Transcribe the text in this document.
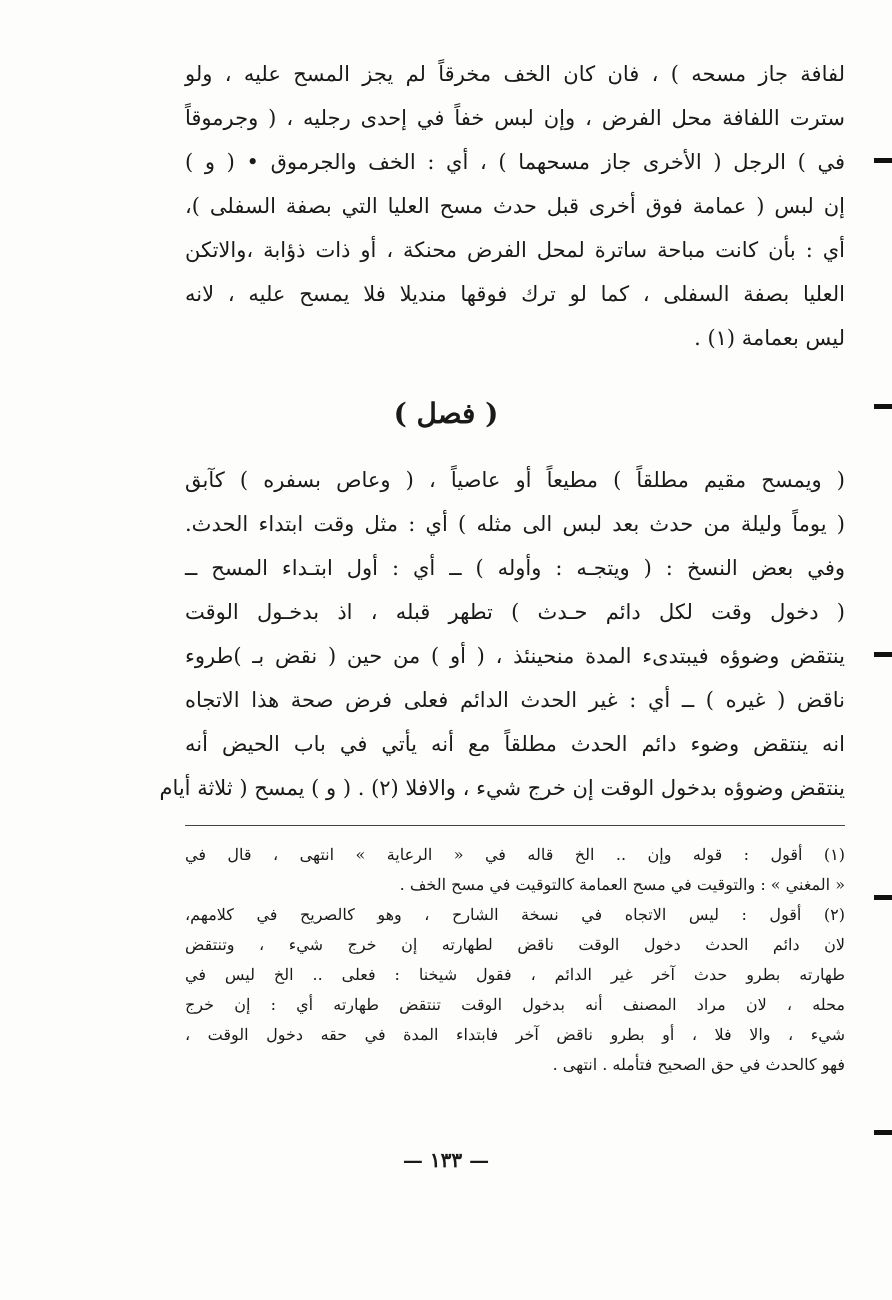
لفافة جاز مسحه ) ، فان كان الخف مخرقاً لم يجز المسح عليه ، ولو
سترت اللفافة محل الفرض ، وإن لبس خفاً في إحدى رجليه ، ( وجرموقاً
في ) الرجل ( الأخرى جاز مسحهما ) ، أي : الخف والجرموق • ( و )
إن لبس ( عمامة فوق أخرى قبل حدث مسح العليا التي بصفة السفلى )،
أي : بأن كانت مباحة ساترة لمحل الفرض محنكة ، أو ذات ذؤابة ،والاتكن
العليا بصفة السفلى ، كما لو ترك فوقها منديلا فلا يمسح عليه ، لانه
ليس بعمامة (١) .
( فصل )
( ويمسح مقيم مطلقاً ) مطيعاً أو عاصياً ، ( وعاص بسفره ) كآبق
( يوماً وليلة من حدث بعد لبس الى مثله ) أي : مثل وقت ابتداء الحدث.
وفي بعض النسخ : ( ويتجـه : وأوله ) ــ أي : أول ابتـداء المسح ــ
( دخول وقت لكل دائم حـدث ) تطهر قبله ، اذ بدخـول الوقت
ينتقض وضوؤه فيبتدىء المدة منحينئذ ، ( أو ) من حين ( نقض بـ )طروء
ناقض ( غيره ) ــ أي : غير الحدث الدائم فعلى فرض صحة هذا الاتجاه
انه ينتقض وضوء دائم الحدث مطلقاً مع أنه يأتي في باب الحيض أنه
ينتقض وضوؤه بدخول الوقت إن خرج شيء ، والافلا (٢) . ( و ) يمسح ( ثلاثة أيام
(١) أقول : قوله وإن .. الخ قاله في « الرعاية » انتهى ، قال في
« المغني » : والتوقيت في مسح العمامة كالتوقيت في مسح الخف .
(٢) أقول : ليس الاتجاه في نسخة الشارح ، وهو كالصريح في كلامهم،
لان دائم الحدث دخول الوقت ناقض لطهارته إن خرج شيء ، وتنتقض
طهارته بطرو حدث آخر غير الدائم ، فقول شيخنا : فعلى .. الخ ليس في
محله ، لان مراد المصنف أنه بدخول الوقت تنتقض طهارته أي : إن خرج
شيء ، والا فلا ، أو بطرو ناقض آخر فابتداء المدة في حقه دخول الوقت ،
فهو كالحدث في حق الصحيح فتأمله . انتهى .
— ١٣٣ —
